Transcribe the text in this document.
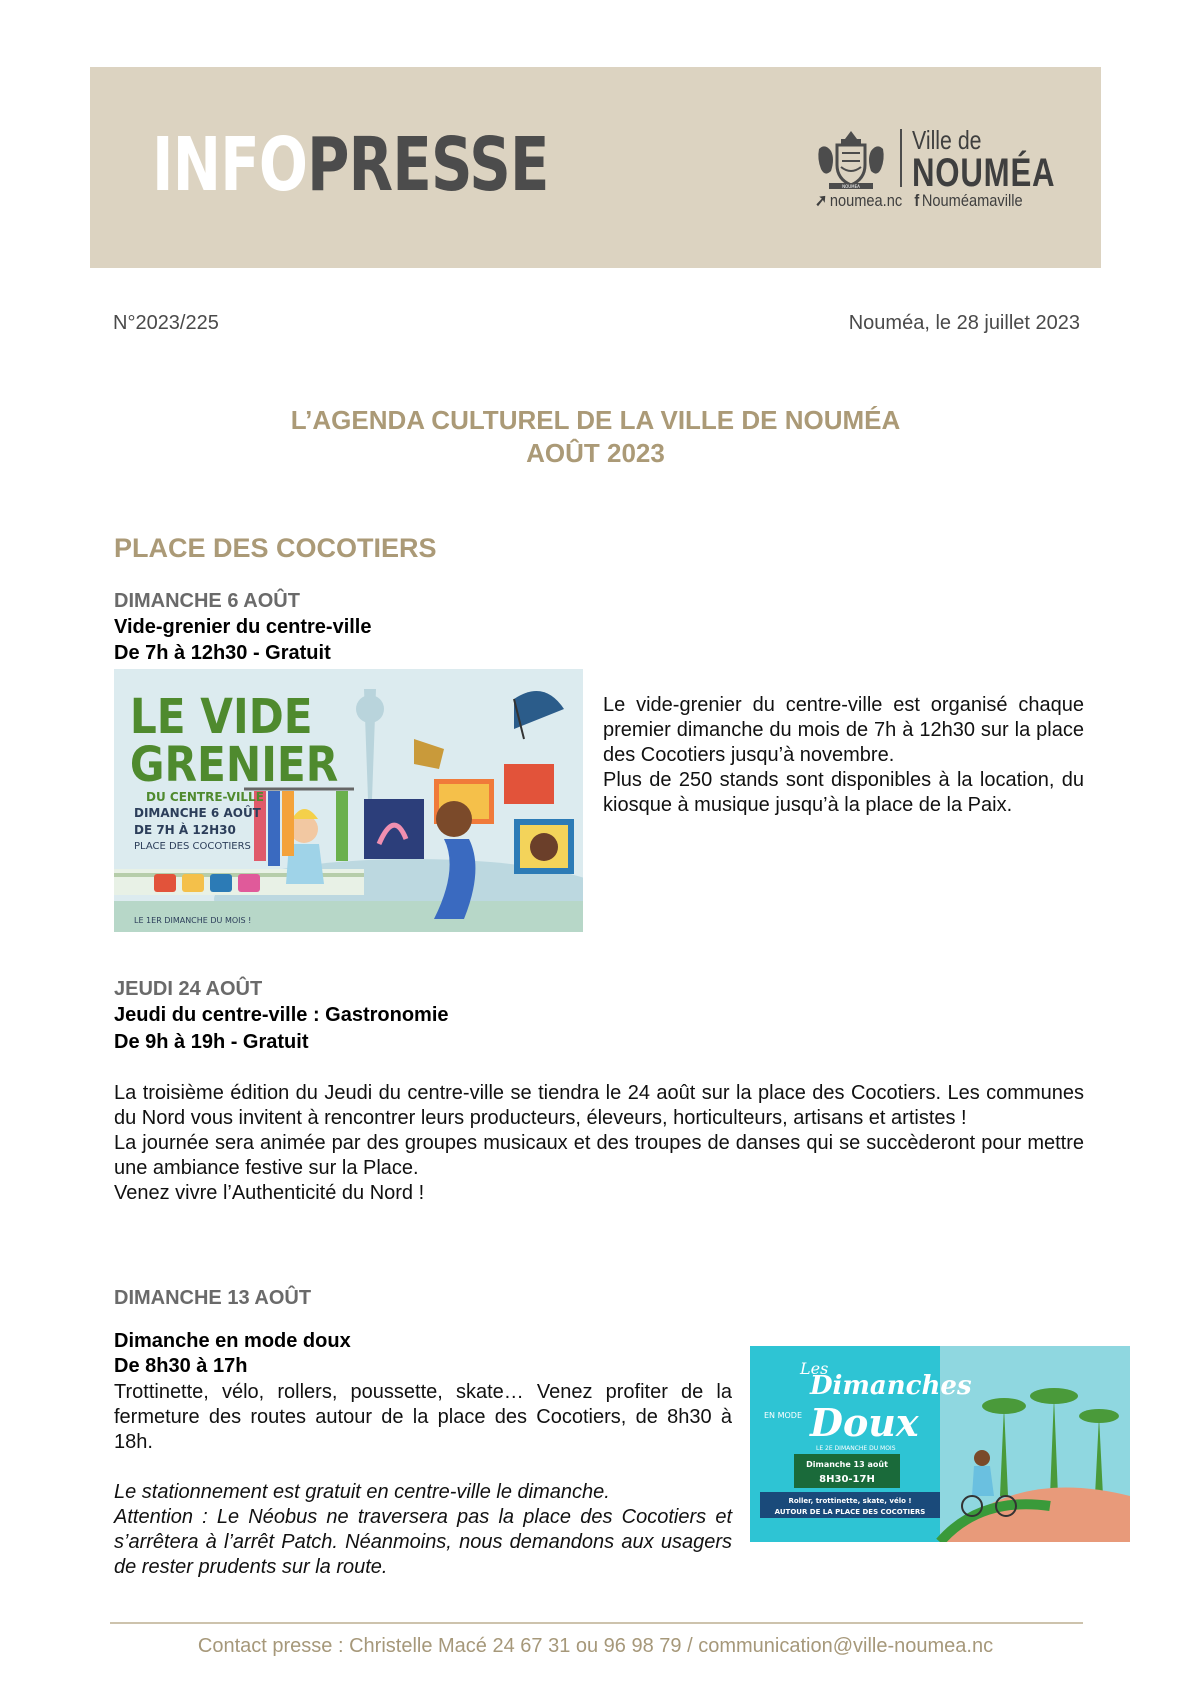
INFOPRESSE	NOUMEA
Ville de
NOUMÉA
➚ noumea.nc f Nouméamaville
N°2023/225	Nouméa, le 28 juillet 2023
L’AGENDA CULTUREL DE LA VILLE DE NOUMÉA
AOÛT 2023
PLACE DES COCOTIERS
DIMANCHE 6 AOÛT
Vide-grenier du centre-ville
De 7h à 12h30 - Gratuit
LE VIDE
GRENIER
DU CENTRE-VILLE
DIMANCHE 6 AOÛT
DE 7H À 12H30
PLACE DES COCOTIERS
LE 1ER DIMANCHE DU MOIS !

Le vide-grenier du centre-ville est organisé chaque premier dimanche du mois de 7h à 12h30 sur la place des Cocotiers jusqu’à novembre.

Plus de 250 stands sont disponibles à la location, du kiosque à musique jusqu’à la place de la Paix.

JEUDI 24 AOÛT
Jeudi du centre-ville : Gastronomie
De 9h à 19h - Gratuit

La troisième édition du Jeudi du centre-ville se tiendra le 24 août sur la place des Cocotiers. Les communes du Nord vous invitent à rencontrer leurs producteurs, éleveurs, horticulteurs, artisans et artistes !

La journée sera animée par des groupes musicaux et des troupes de danses qui se succèderont pour mettre une ambiance festive sur la Place.

Venez vivre l’Authenticité du Nord !

DIMANCHE 13 AOÛT
Dimanche en mode doux
De 8h30 à 17h

Trottinette, vélo, rollers, poussette, skate… Venez profiter de la fermeture des routes autour de la place des Cocotiers, de 8h30 à 18h.

Le stationnement est gratuit en centre-ville le dimanche.

Attention : Le Néobus ne traversera pas la place des Cocotiers et s’arrêtera à l’arrêt Patch. Néanmoins, nous demandons aux usagers de rester prudents sur la route.

Les
Dimanches
EN MODE Doux
LE 2E DIMANCHE DU MOIS
Dimanche 13 août
8H30-17H
Roller, trottinette, skate, vélo !
AUTOUR DE LA PLACE DES COCOTIERS
Contact presse : Christelle Macé 24 67 31 ou 96 98 79 / communication@ville-noumea.nc
